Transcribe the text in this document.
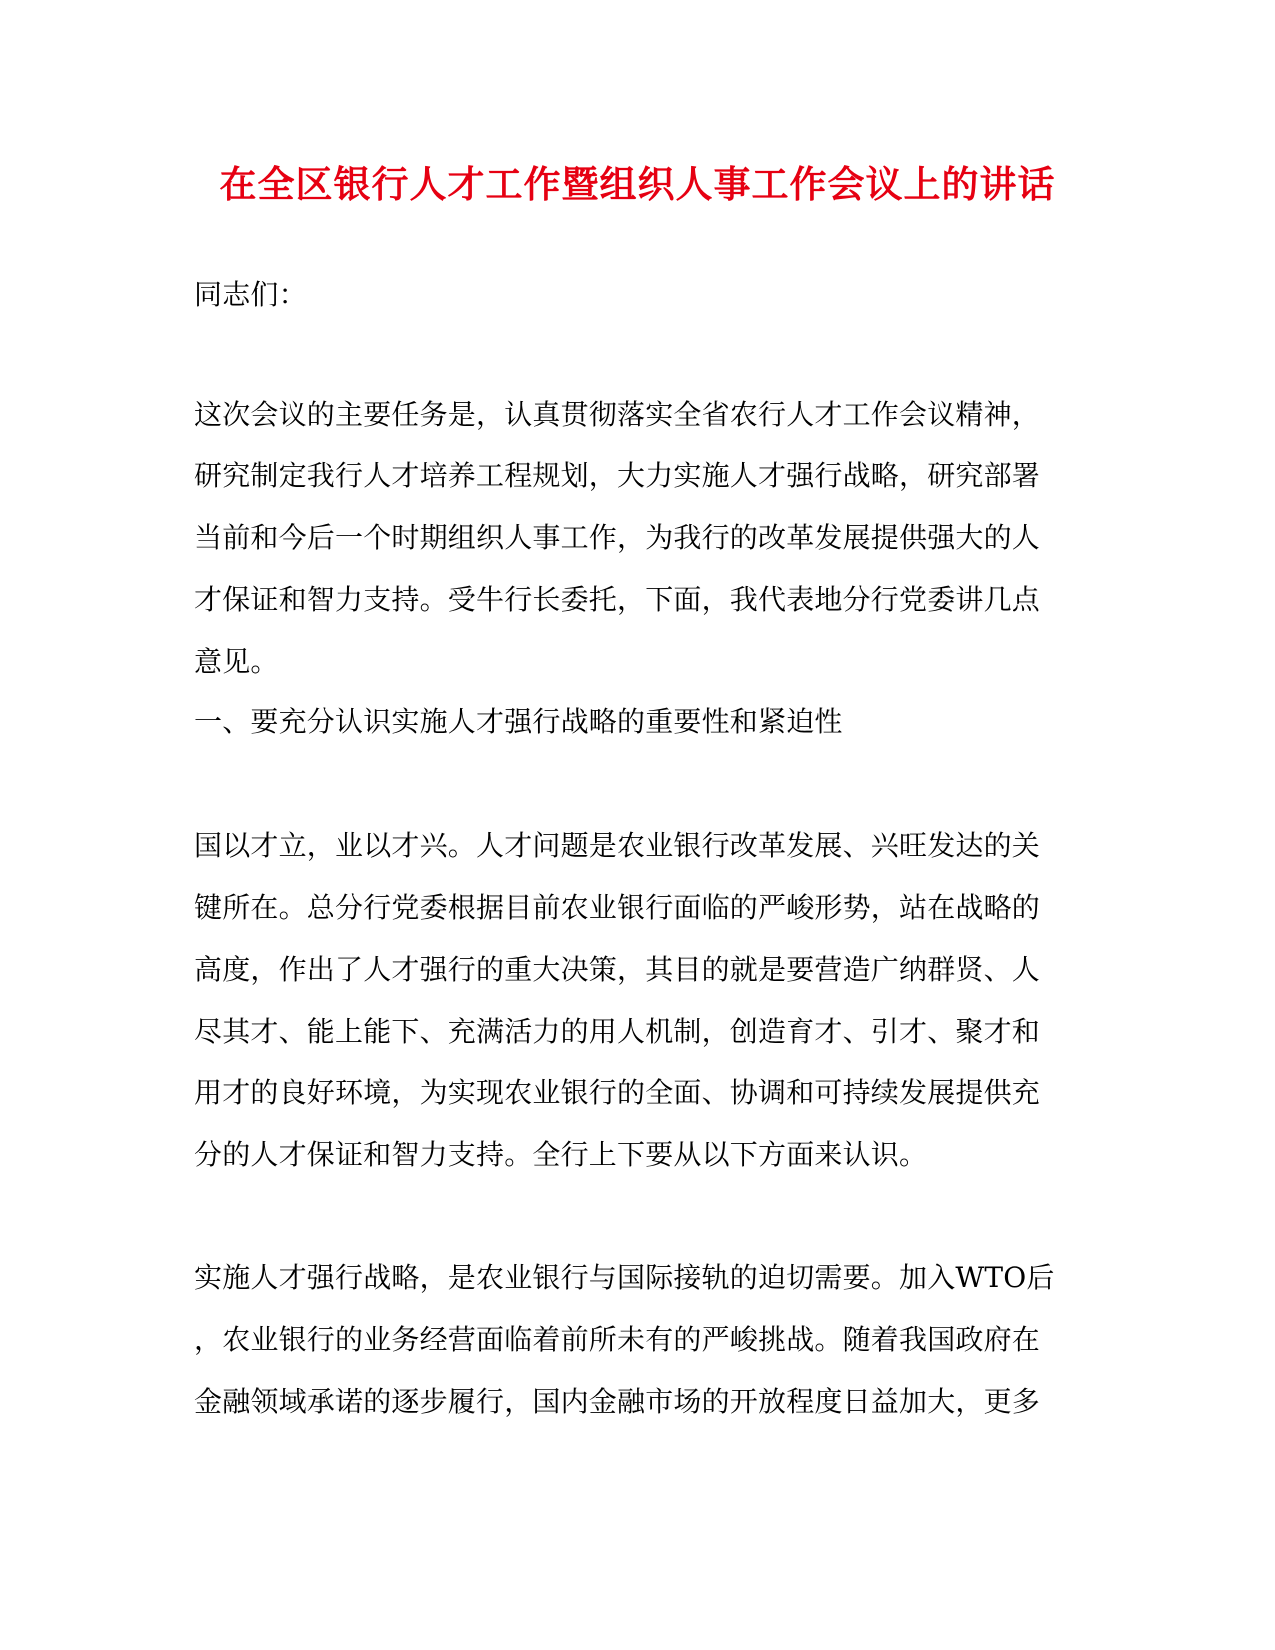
在全区银行人才工作暨组织人事工作会议上的讲话
同志们：
这次会议的主要任务是，认真贯彻落实全省农行人才工作会议精神，
研究制定我行人才培养工程规划，大力实施人才强行战略，研究部署
当前和今后一个时期组织人事工作，为我行的改革发展提供强大的人
才保证和智力支持。受牛行长委托，下面，我代表地分行党委讲几点
意见。
一、要充分认识实施人才强行战略的重要性和紧迫性
国以才立，业以才兴。人才问题是农业银行改革发展、兴旺发达的关
键所在。总分行党委根据目前农业银行面临的严峻形势，站在战略的
高度，作出了人才强行的重大决策，其目的就是要营造广纳群贤、人
尽其才、能上能下、充满活力的用人机制，创造育才、引才、聚才和
用才的良好环境，为实现农业银行的全面、协调和可持续发展提供充
分的人才保证和智力支持。全行上下要从以下方面来认识。
实施人才强行战略，是农业银行与国际接轨的迫切需要。加入WTO后
，农业银行的业务经营面临着前所未有的严峻挑战。随着我国政府在
金融领域承诺的逐步履行，国内金融市场的开放程度日益加大，更多
